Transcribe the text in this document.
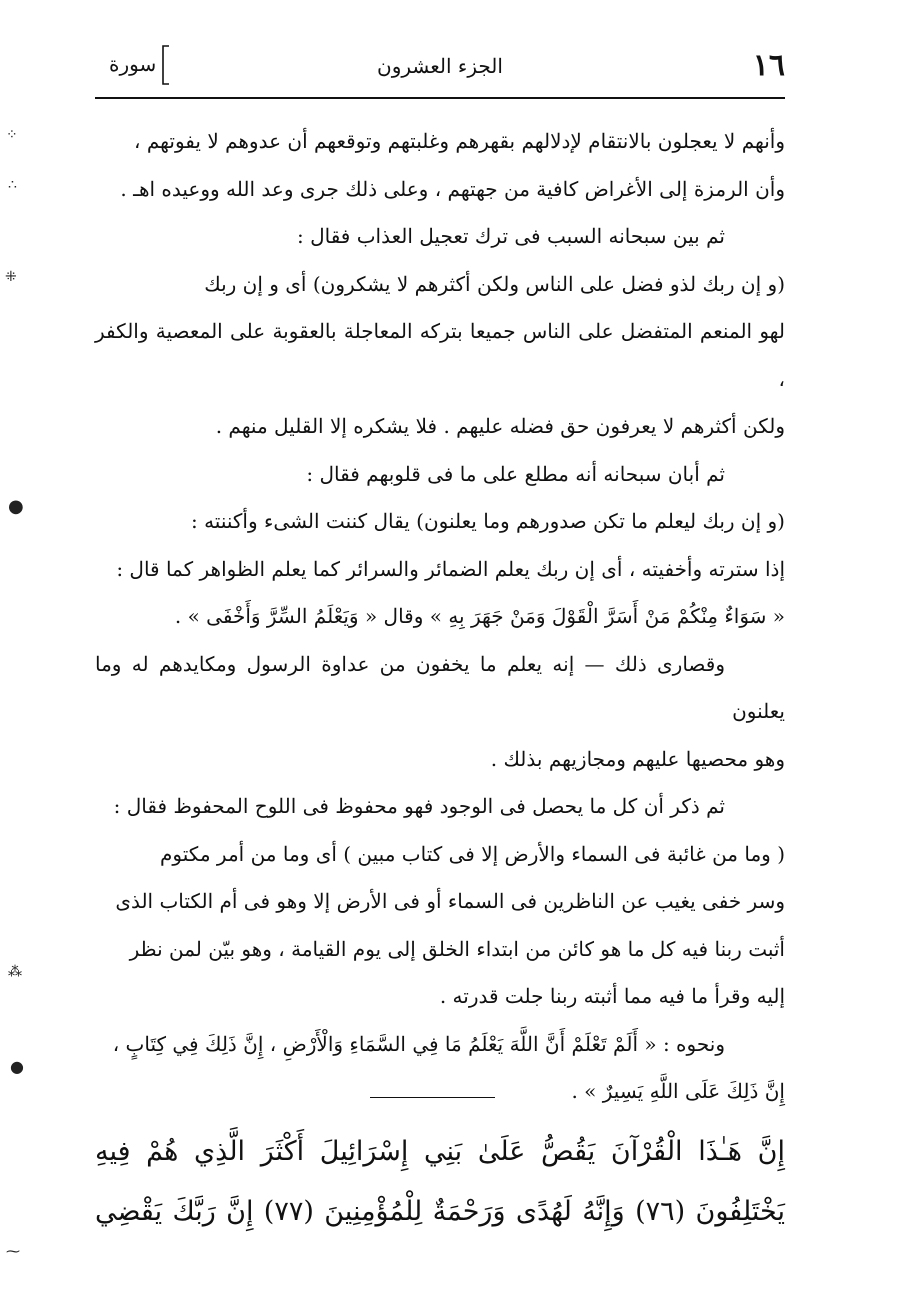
١٦
الجزء العشرون
سورة

وأنهم لا يعجلون بالانتقام لإدلالهم بقهرهم وغلبتهم وتوقعهم أن عدوهم لا يفوتهم ،

وأن الرمزة إلى الأغراض كافية من جهتهم ، وعلى ذلك جرى وعد الله ووعيده اهـ .

ثم بين سبحانه السبب فى ترك تعجيل العذاب فقال :

(و إن ربك لذو فضل على الناس ولكن أكثرهم لا يشكرون) أى و إن ربك

لهو المنعم المتفضل على الناس جميعا بتركه المعاجلة بالعقوبة على المعصية والكفر ،

ولكن أكثرهم لا يعرفون حق فضله عليهم . فلا يشكره إلا القليل منهم .

ثم أبان سبحانه أنه مطلع على ما فى قلوبهم فقال :

(و إن ربك ليعلم ما تكن صدورهم وما يعلنون) يقال كننت الشىء وأكننته :

إذا سترته وأخفيته ، أى إن ربك يعلم الضمائر والسرائر كما يعلم الظواهر كما قال :

« سَوَاءٌ مِنْكُمْ مَنْ أَسَرَّ الْقَوْلَ وَمَنْ جَهَرَ بِهِ » وقال « وَيَعْلَمُ السِّرَّ وَأَخْفَى » .

وقصارى ذلك — إنه يعلم ما يخفون من عداوة الرسول ومكايدهم له وما يعلنون

وهو محصيها عليهم ومجازيهم بذلك .

ثم ذكر أن كل ما يحصل فى الوجود فهو محفوظ فى اللوح المحفوظ فقال :

( وما من غائبة فى السماء والأرض إلا فى كتاب مبين ) أى وما من أمر مكتوم

وسر خفى يغيب عن الناظرين فى السماء أو فى الأرض إلا وهو فى أم الكتاب الذى

أثبت ربنا فيه كل ما هو كائن من ابتداء الخلق إلى يوم القيامة ، وهو بيّن لمن نظر

إليه وقرأ ما فيه مما أثبته ربنا جلت قدرته .

ونحوه : « أَلَمْ تَعْلَمْ أَنَّ اللَّهَ يَعْلَمُ مَا فِي السَّمَاءِ وَالْأَرْضِ ، إِنَّ ذَلِكَ فِي كِتَابٍ ،

إِنَّ ذَلِكَ عَلَى اللَّهِ يَسِيرٌ » .

إِنَّ هَـٰذَا الْقُرْآنَ يَقُصُّ عَلَىٰ بَنِي إِسْرَائِيلَ أَكْثَرَ الَّذِي هُمْ فِيهِ

يَخْتَلِفُونَ (٧٦) وَإِنَّهُ لَهُدًى وَرَحْمَةٌ لِلْمُؤْمِنِينَ (٧٧) إِنَّ رَبَّكَ يَقْضِي

⁘
∴
⁜
●
⁂
●
⁓
